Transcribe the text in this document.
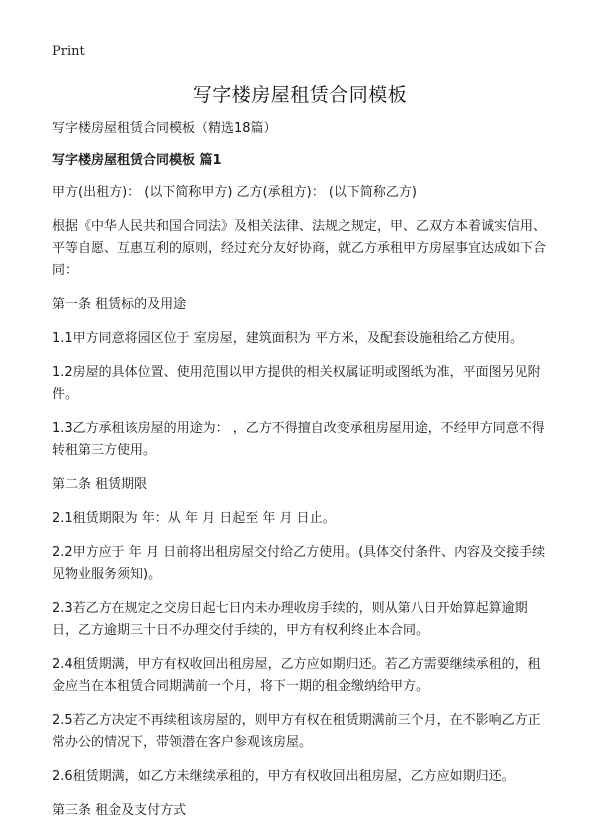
Print
写字楼房屋租赁合同模板

写字楼房屋租赁合同模板（精选18篇）

写字楼房屋租赁合同模板 篇1

甲方(出租方)： (以下简称甲方) 乙方(承租方)： (以下简称乙方)

根据《中华人民共和国合同法》及相关法律、法规之规定，甲、乙双方本着诚实信用、平等自愿、互惠互利的原则，经过充分友好协商，就乙方承租甲方房屋事宜达成如下合同：

第一条 租赁标的及用途

1.1甲方同意将园区位于 室房屋，建筑面积为 平方米，及配套设施租给乙方使用。

1.2房屋的具体位置、使用范围以甲方提供的相关权属证明或图纸为准，平面图另见附件。

1.3乙方承租该房屋的用途为： ，乙方不得擅自改变承租房屋用途，不经甲方同意不得转租第三方使用。

第二条 租赁期限

2.1租赁期限为 年：从 年 月 日起至 年 月 日止。

2.2甲方应于 年 月 日前将出租房屋交付给乙方使用。(具体交付条件、内容及交接手续见物业服务须知)。

2.3若乙方在规定之交房日起七日内未办理收房手续的，则从第八日开始算起算逾期日，乙方逾期三十日不办理交付手续的，甲方有权利终止本合同。

2.4租赁期满，甲方有权收回出租房屋，乙方应如期归还。若乙方需要继续承租的，租金应当在本租赁合同期满前一个月，将下一期的租金缴纳给甲方。

2.5若乙方决定不再续租该房屋的，则甲方有权在租赁期满前三个月，在不影响乙方正常办公的情况下，带领潜在客户参观该房屋。

2.6租赁期满，如乙方未继续承租的，甲方有权收回出租房屋，乙方应如期归还。

第三条 租金及支付方式
